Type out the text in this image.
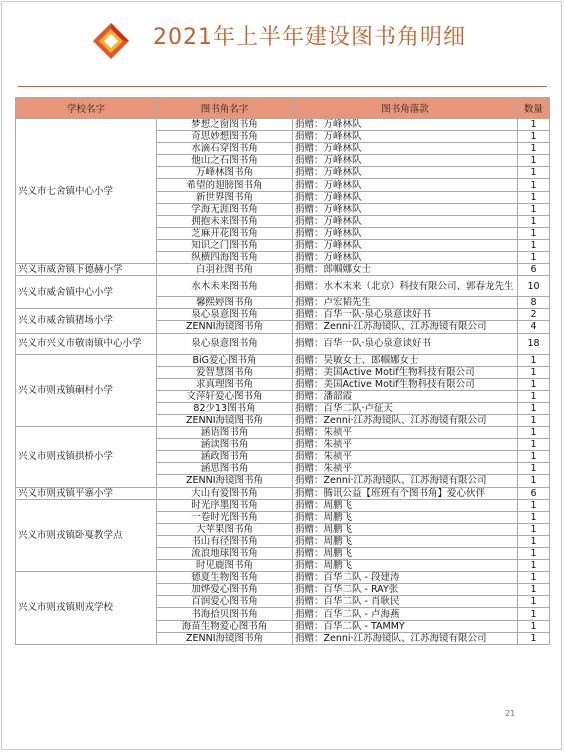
2021年上半年建设图书角明细
学校名字	图书角名字	图书角落款	数量
兴义市七舍镇中心小学	梦想之窗图书角	捐赠：万峰林队	1
	奇思妙想图书角	捐赠：万峰林队	1
	水滴石穿图书角	捐赠：万峰林队	1
	他山之石图书角	捐赠：万峰林队	1
	万峰林图书角	捐赠：万峰林队	1
	希望的翅膀图书角	捐赠：万峰林队	1
	新世界图书角	捐赠：万峰林队	1
	学海无涯图书角	捐赠：万峰林队	1
	拥抱未来图书角	捐赠：万峰林队	1
	芝麻开花图书角	捐赠：万峰林队	1
	知识之门图书角	捐赠：万峰林队	1
	纵横四海图书角	捐赠：万峰林队	1
兴义市威舍镇下德赫小学	白羽社图书角	捐赠：郎帼娜女士	6
兴义市威舍镇中心小学	水木未来图书角	捐赠：水木未来（北京）科技有限公司、郭春龙先生	10
	馨熙婷图书角	捐赠：卢宏韬先生	8
兴义市威舍镇猪场小学	泉心泉意图书角	捐赠：百华一队·泉心泉意读好书	2
	ZENNI海镜图书角	捐赠：Zenni·江苏海镜队、江苏海镜有限公司	4
兴义市兴义市敬南镇中心小学	泉心泉意图书角	捐赠：百华一队·泉心泉意读好书	18
兴义市则戎镇硐村小学	BiG爱心图书角	捐赠：吴敏女士、郎帼娜女士	1
	爱智慧图书角	捐赠：美国Active Motif生物科技有限公司	1
	求真理图书角	捐赠：美国Active Motif生物科技有限公司	1
	文萍轩爱心图书角	捐赠：潘韶霞	1
	82少13图书角	捐赠：百华二队·卢征天	1
	ZENNI海镜图书角	捐赠：Zenni·江苏海镜队、江苏海镜有限公司	1
兴义市则戎镇拱桥小学	涵语图书角	捐赠：朱祯平	1
	涵读图书角	捐赠：朱祯平	1
	涵政图书角	捐赠：朱祯平	1
	涵思图书角	捐赠：朱祯平	1
	ZENNI海镜图书角	捐赠：Zenni·江苏海镜队、江苏海镜有限公司	1
兴义市则戎镇平寨小学	大山有爱图书角	捐赠：腾讯公益【班班有个图书角】爱心伙伴	6
兴义市则戎镇卧戛教学点	时光序墨图书角	捐赠：周鹏飞	1
	一卷时光图书角	捐赠：周鹏飞	1
	大苹果图书角	捐赠：周鹏飞	1
	书山有径图书角	捐赠：周鹏飞	1
	流浪地球图书角	捐赠：周鹏飞	1
	时见鹿图书角	捐赠：周鹏飞	1
兴义市则戎镇则戎学校	德夏生物图书角	捐赠：百华二队 - 段建涛	1
	加烨爱心图书角	捐赠：百华二队 - RAY张	1
	百润爱心图书角	捐赠：百华二队 - 肖耿民	1
	书海拾贝图书角	捐赠：百华二队 - 卢海燕	1
	海苗生物爱心图书角	捐赠：百华二队 - TAMMY	1
	ZENNI海镜图书角	捐赠：Zenni·江苏海镜队、江苏海镜有限公司	1
21
